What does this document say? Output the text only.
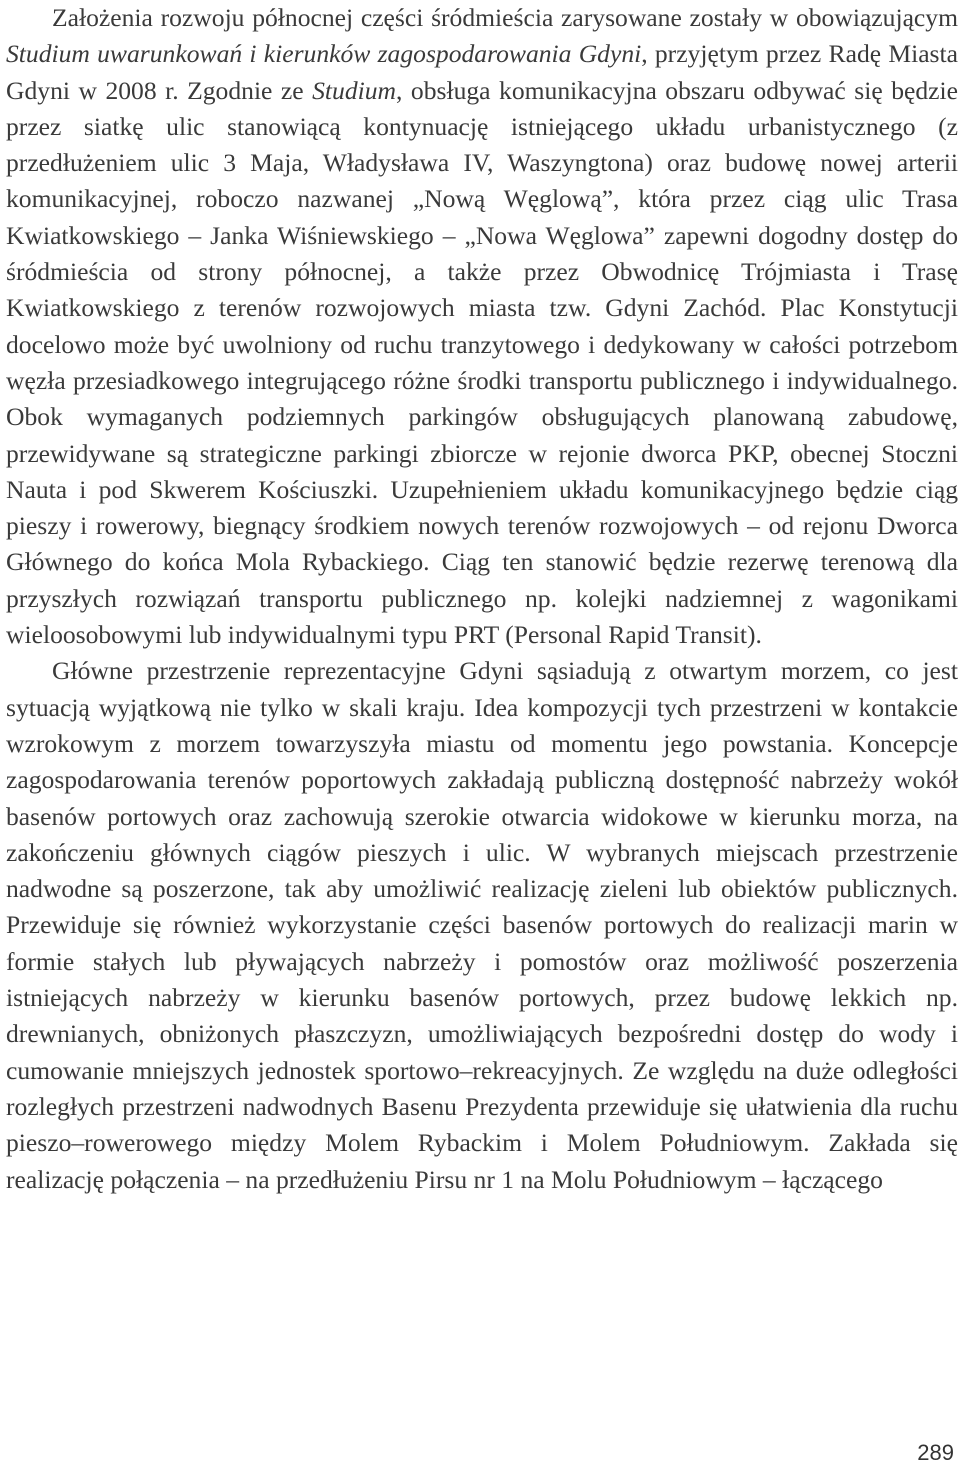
Założenia rozwoju północnej części śródmieścia zarysowane zostały w obowiązującym Studium uwarunkowań i kierunków zagospodarowania Gdyni, przyjętym przez Radę Miasta Gdyni w 2008 r. Zgodnie ze Studium, obsługa komunikacyjna obszaru odbywać się będzie przez siatkę ulic stanowiącą kontynuację istniejącego układu urbanistycznego (z przedłużeniem ulic 3 Maja, Władysława IV, Waszyngtona) oraz budowę nowej arterii komunikacyjnej, roboczo nazwanej „Nową Węglową”, która przez ciąg ulic Trasa Kwiatkowskiego – Janka Wiśniewskiego – „Nowa Węglowa” zapewni dogodny dostęp do śródmieścia od strony północnej, a także przez Obwodnicę Trójmiasta i Trasę Kwiatkowskiego z terenów rozwojowych miasta tzw. Gdyni Zachód. Plac Konstytucji docelowo może być uwolniony od ruchu tranzytowego i dedykowany w całości potrzebom węzła przesiadkowego integrującego różne środki transportu publicznego i indywidualnego. Obok wymaganych podziemnych parkingów obsługujących planowaną zabudowę, przewidywane są strategiczne parkingi zbiorcze w rejonie dworca PKP, obecnej Stoczni Nauta i pod Skwerem Kościuszki. Uzupełnieniem układu komunikacyjnego będzie ciąg pieszy i rowerowy, biegnący środkiem nowych terenów rozwojowych – od rejonu Dworca Głównego do końca Mola Rybackiego. Ciąg ten stanowić będzie rezerwę terenową dla przyszłych rozwiązań transportu publicznego np. kolejki nadziemnej z wagonikami wieloosobowymi lub indywidualnymi typu PRT (Personal Rapid Transit).

Główne przestrzenie reprezentacyjne Gdyni sąsiadują z otwartym morzem, co jest sytuacją wyjątkową nie tylko w skali kraju. Idea kompozycji tych przestrzeni w kontakcie wzrokowym z morzem towarzyszyła miastu od momentu jego powstania. Koncepcje zagospodarowania terenów poportowych zakładają publiczną dostępność nabrzeży wokół basenów portowych oraz zachowują szerokie otwarcia widokowe w kierunku morza, na zakończeniu głównych ciągów pieszych i ulic. W wybranych miejscach przestrzenie nadwodne są poszerzone, tak aby umożliwić realizację zieleni lub obiektów publicznych. Przewiduje się również wykorzystanie części basenów portowych do realizacji marin w formie stałych lub pływających nabrzeży i pomostów oraz możliwość poszerzenia istniejących nabrzeży w kierunku basenów portowych, przez budowę lekkich np. drewnianych, obniżonych płaszczyzn, umożliwiających bezpośredni dostęp do wody i cumowanie mniejszych jednostek sportowo–rekreacyjnych. Ze względu na duże odległości rozległych przestrzeni nadwodnych Basenu Prezydenta przewiduje się ułatwienia dla ruchu pieszo–rowerowego między Molem Rybackim i Molem Południowym. Zakłada się realizację połączenia – na przedłużeniu Pirsu nr 1 na Molu Południowym – łączącego

289
